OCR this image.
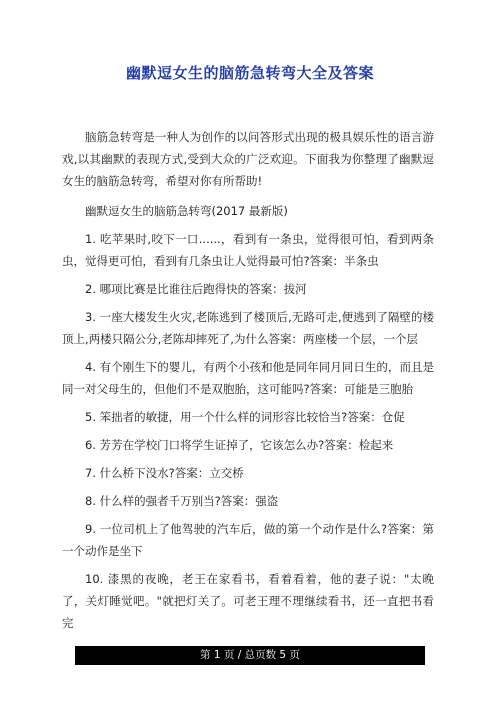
幽默逗女生的脑筋急转弯大全及答案

脑筋急转弯是一种人为创作的以问答形式出现的极具娱乐性的语言游戏,以其幽默的表现方式,受到大众的广泛欢迎。下面我为你整理了幽默逗女生的脑筋急转弯，希望对你有所帮助!

幽默逗女生的脑筋急转弯(2017 最新版)

1. 吃苹果时,咬下一口......，看到有一条虫，觉得很可怕，看到两条虫，觉得更可怕，看到有几条虫让人觉得最可怕?答案：半条虫

2. 哪项比赛是比谁往后跑得快的答案：拔河

3. 一座大楼发生火灾,老陈逃到了楼顶后,无路可走,便逃到了隔壁的楼顶上,两楼只隔公分,老陈却摔死了,为什么答案：两座楼一个层，一个层

4. 有个刚生下的婴儿，有两个小孩和他是同年同月同日生的，而且是同一对父母生的，但他们不是双胞胎，这可能吗?答案：可能是三胞胎

5. 笨拙者的敏捷，用一个什么样的词形容比较恰当?答案：仓促

6. 芳芳在学校门口将学生证掉了，它该怎么办?答案：检起来

7. 什么桥下没水?答案：立交桥

8. 什么样的强者千万别当?答案：强盗

9. 一位司机上了他驾驶的汽车后，做的第一个动作是什么?答案：第一个动作是坐下

10. 漆黑的夜晚，老王在家看书，看着看着，他的妻子说："太晚了，关灯睡觉吧。"就把灯关了。可老王理不理继续看书，还一直把书看完

第 1 页 / 总页数 5 页
